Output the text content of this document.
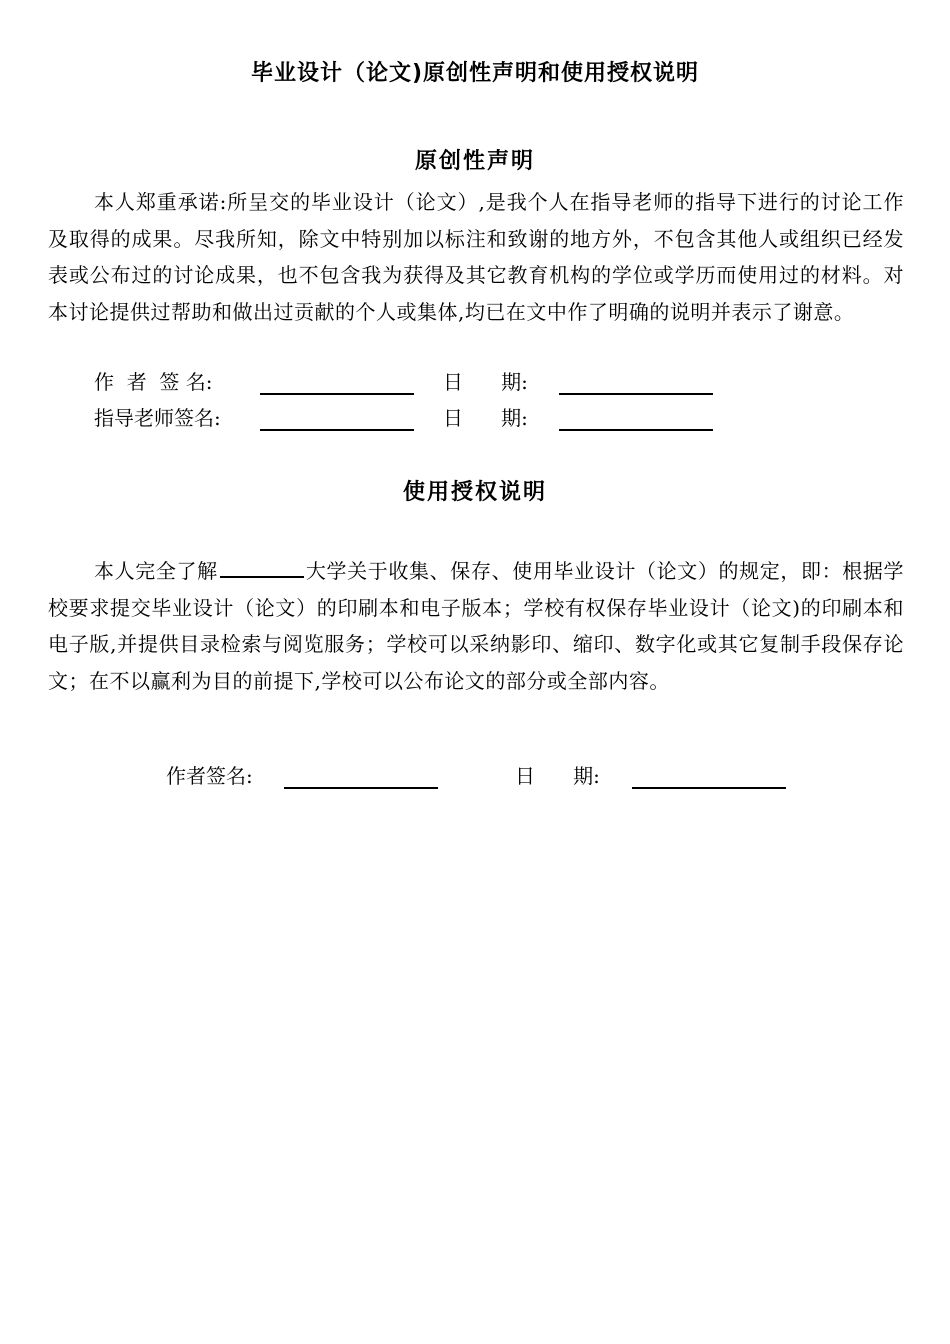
毕业设计（论文)原创性声明和使用授权说明
原创性声明

本人郑重承诺:所呈交的毕业设计（论文）,是我个人在指导老师的指导下进行的讨论工作及取得的成果。尽我所知，除文中特别加以标注和致谢的地方外，不包含其他人或组织已经发表或公布过的讨论成果，也不包含我为获得及其它教育机构的学位或学历而使用过的材料。对本讨论提供过帮助和做出过贡献的个人或集体,均已在文中作了明确的说明并表示了谢意。

作  者  签 名:	日      期:
指导老师签名:	日      期:
使用授权说明

本人完全了解	大学关于收集、保存、使用毕业设计（论文）的规定，即：根据学校要求提交毕业设计（论文）的印刷本和电子版本；学校有权保存毕业设计（论文)的印刷本和电子版,并提供目录检索与阅览服务；学校可以采纳影印、缩印、数字化或其它复制手段保存论文；在不以赢利为目的前提下,学校可以公布论文的部分或全部内容。

作者签名:	日      期:
